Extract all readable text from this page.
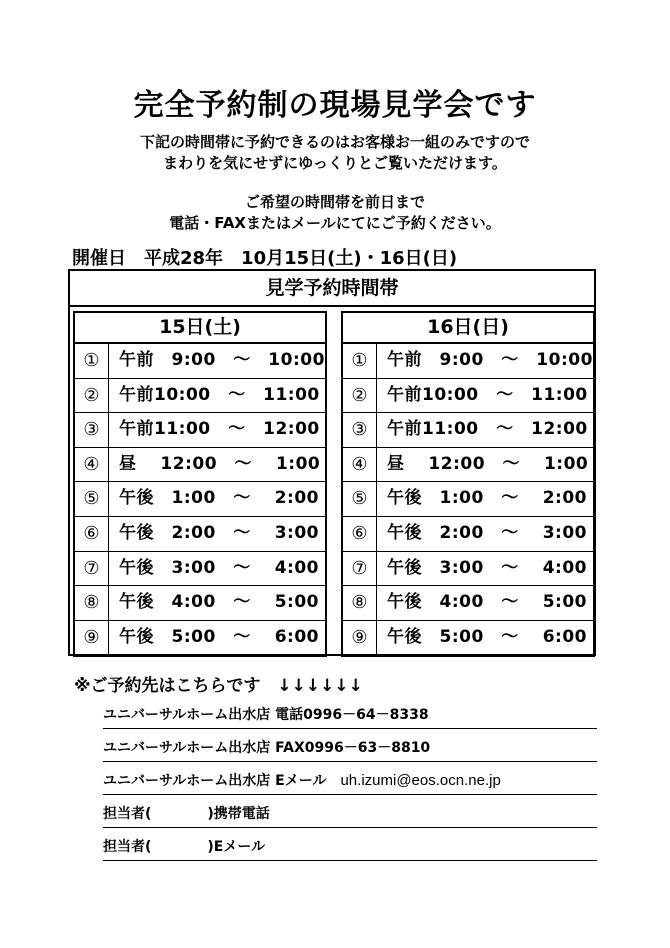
完全予約制の現場見学会です
下記の時間帯に予約できるのはお客様お一組のみですので
まわりを気にせずにゆっくりとご覧いただけます。
ご希望の時間帯を前日まで
電話・FAXまたはメールにてにご予約ください。
開催日　平成28年　10月15日(土)・16日(日)
見学予約時間帯
15日(土)
①	午前　9:00　～　10:00
②	午前10:00　～　11:00
③	午前11:00　～　12:00
④	昼　 12:00　～　 1:00
⑤	午後　1:00　～　 2:00
⑥	午後　2:00　～　 3:00
⑦	午後　3:00　～　 4:00
⑧	午後　4:00　～　 5:00
⑨	午後　5:00　～　 6:00
16日(日)
①	午前　9:00　～　10:00
②	午前10:00　～　11:00
③	午前11:00　～　12:00
④	昼　 12:00　～　 1:00
⑤	午後　1:00　～　 2:00
⑥	午後　2:00　～　 3:00
⑦	午後　3:00　～　 4:00
⑧	午後　4:00　～　 5:00
⑨	午後　5:00　～　 6:00
※ご予約先はこちらです　↓↓↓↓↓↓
ユニバーサルホーム出水店 電話0996－64－8338
ユニバーサルホーム出水店 FAX0996－63－8810
ユニバーサルホーム出水店 Eメール　uh.izumi@eos.ocn.ne.jp
担当者(　　　　)携帯電話
担当者(　　　　)Eメール
